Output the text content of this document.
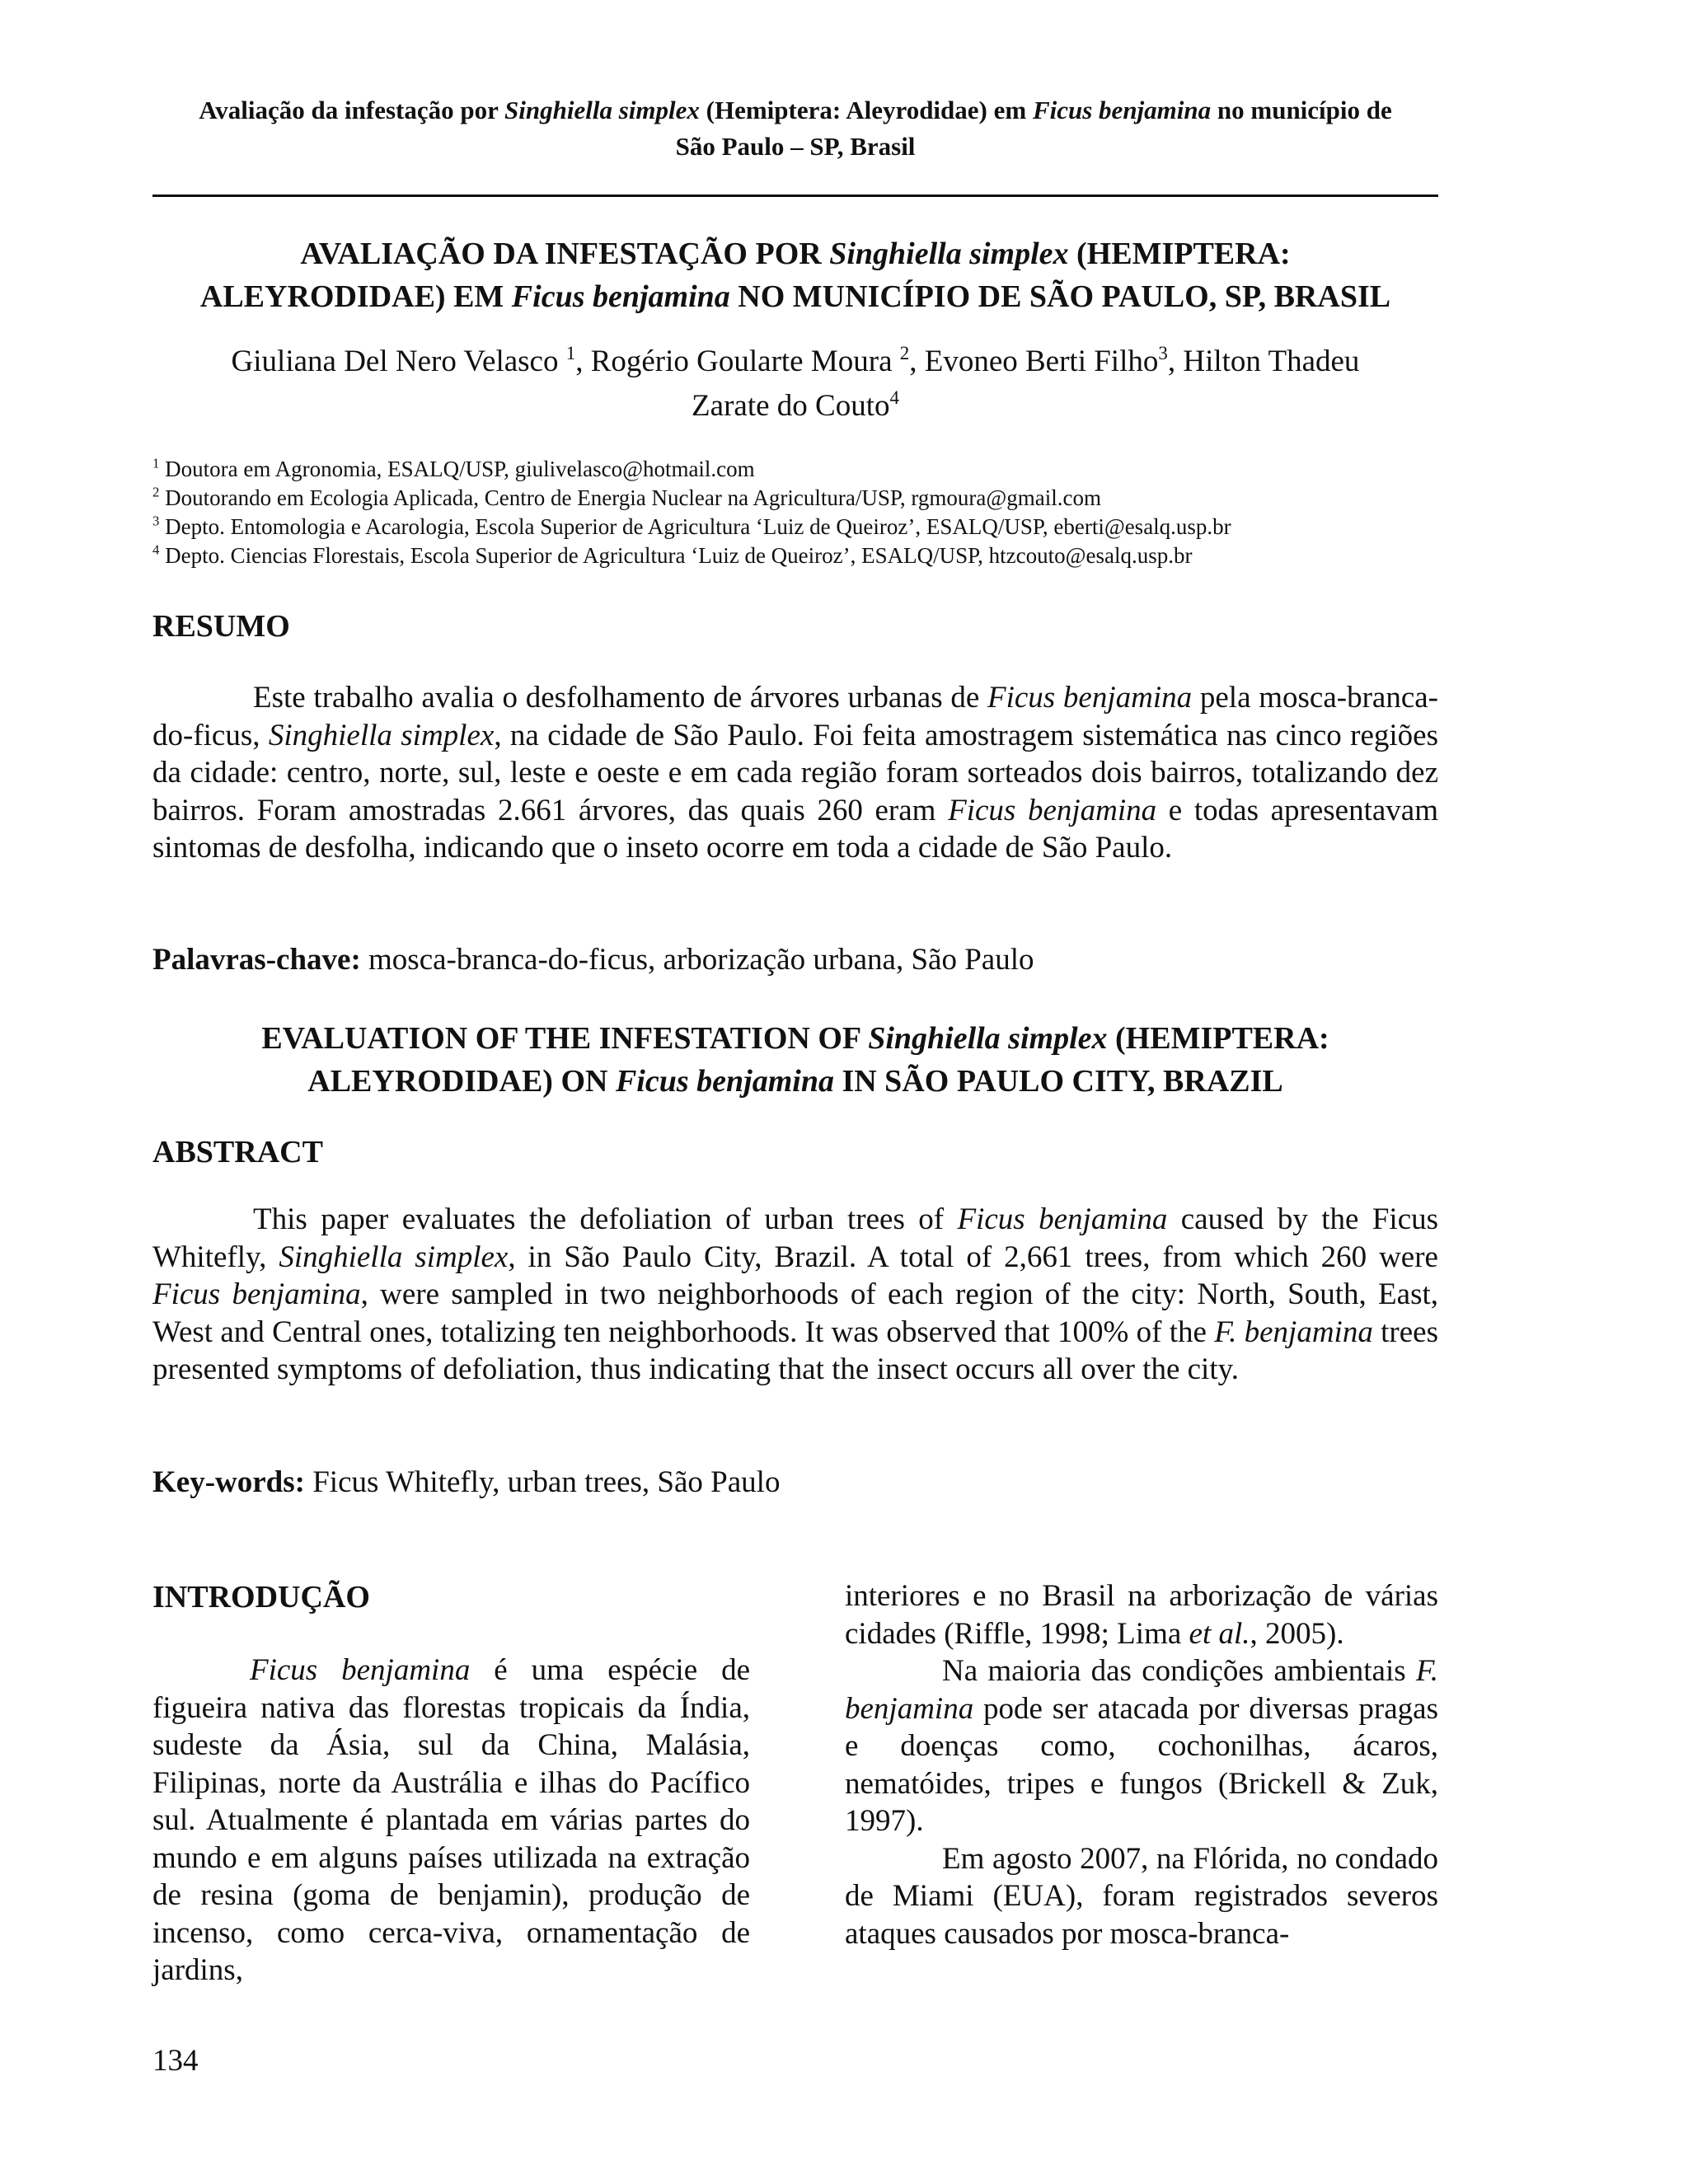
Avaliação da infestação por Singhiella simplex (Hemiptera: Aleyrodidae) em Ficus benjamina no município de
São Paulo – SP, Brasil
AVALIAÇÃO DA INFESTAÇÃO POR Singhiella simplex (HEMIPTERA:
ALEYRODIDAE) EM Ficus benjamina NO MUNICÍPIO DE SÃO PAULO, SP, BRASIL
Giuliana Del Nero Velasco $^1$, Rogério Goularte Moura $^2$, Evoneo Berti Filho$^3$, Hilton Thadeu
Zarate do Couto$^4$
$^1$ Doutora em Agronomia, ESALQ/USP, giulivelasco@hotmail.com
$^2$ Doutorando em Ecologia Aplicada, Centro de Energia Nuclear na Agricultura/USP, rgmoura@gmail.com
$^3$ Depto. Entomologia e Acarologia, Escola Superior de Agricultura ‘Luiz de Queiroz’, ESALQ/USP, eberti@esalq.usp.br
$^4$ Depto. Ciencias Florestais, Escola Superior de Agricultura ‘Luiz de Queiroz’, ESALQ/USP, htzcouto@esalq.usp.br
RESUMO
Este trabalho avalia o desfolhamento de árvores urbanas de Ficus benjamina pela mosca-branca-do-ficus, Singhiella simplex, na cidade de São Paulo. Foi feita amostragem sistemática nas cinco regiões da cidade: centro, norte, sul, leste e oeste e em cada região foram sorteados dois bairros, totalizando dez bairros. Foram amostradas 2.661 árvores, das quais 260 eram Ficus benjamina e todas apresentavam sintomas de desfolha, indicando que o inseto ocorre em toda a cidade de São Paulo.
Palavras-chave: mosca-branca-do-ficus, arborização urbana, São Paulo
EVALUATION OF THE INFESTATION OF Singhiella simplex (HEMIPTERA:
ALEYRODIDAE) ON Ficus benjamina IN SÃO PAULO CITY, BRAZIL
ABSTRACT
This paper evaluates the defoliation of urban trees of Ficus benjamina caused by the Ficus Whitefly, Singhiella simplex, in São Paulo City, Brazil. A total of 2,661 trees, from which 260 were Ficus benjamina, were sampled in two neighborhoods of each region of the city: North, South, East, West and Central ones, totalizing ten neighborhoods. It was observed that 100% of the F. benjamina trees presented symptoms of defoliation, thus indicating that the insect occurs all over the city.
Key-words: Ficus Whitefly, urban trees, São Paulo
INTRODUÇÃO

Ficus benjamina é uma espécie de figueira nativa das florestas tropicais da Índia, sudeste da Ásia, sul da China, Malásia, Filipinas, norte da Austrália e ilhas do Pacífico sul. Atualmente é plantada em várias partes do mundo e em alguns países utilizada na extração de resina (goma de benjamin), produção de incenso, como cerca-viva, ornamentação de jardins,

interiores e no Brasil na arborização de várias cidades (Riffle, 1998; Lima et al., 2005).

Na maioria das condições ambientais F. benjamina pode ser atacada por diversas pragas e doenças como, cochonilhas, ácaros, nematóides, tripes e fungos (Brickell & Zuk, 1997).

Em agosto 2007, na Flórida, no condado de Miami (EUA), foram registrados severos ataques causados por mosca-branca-

134
